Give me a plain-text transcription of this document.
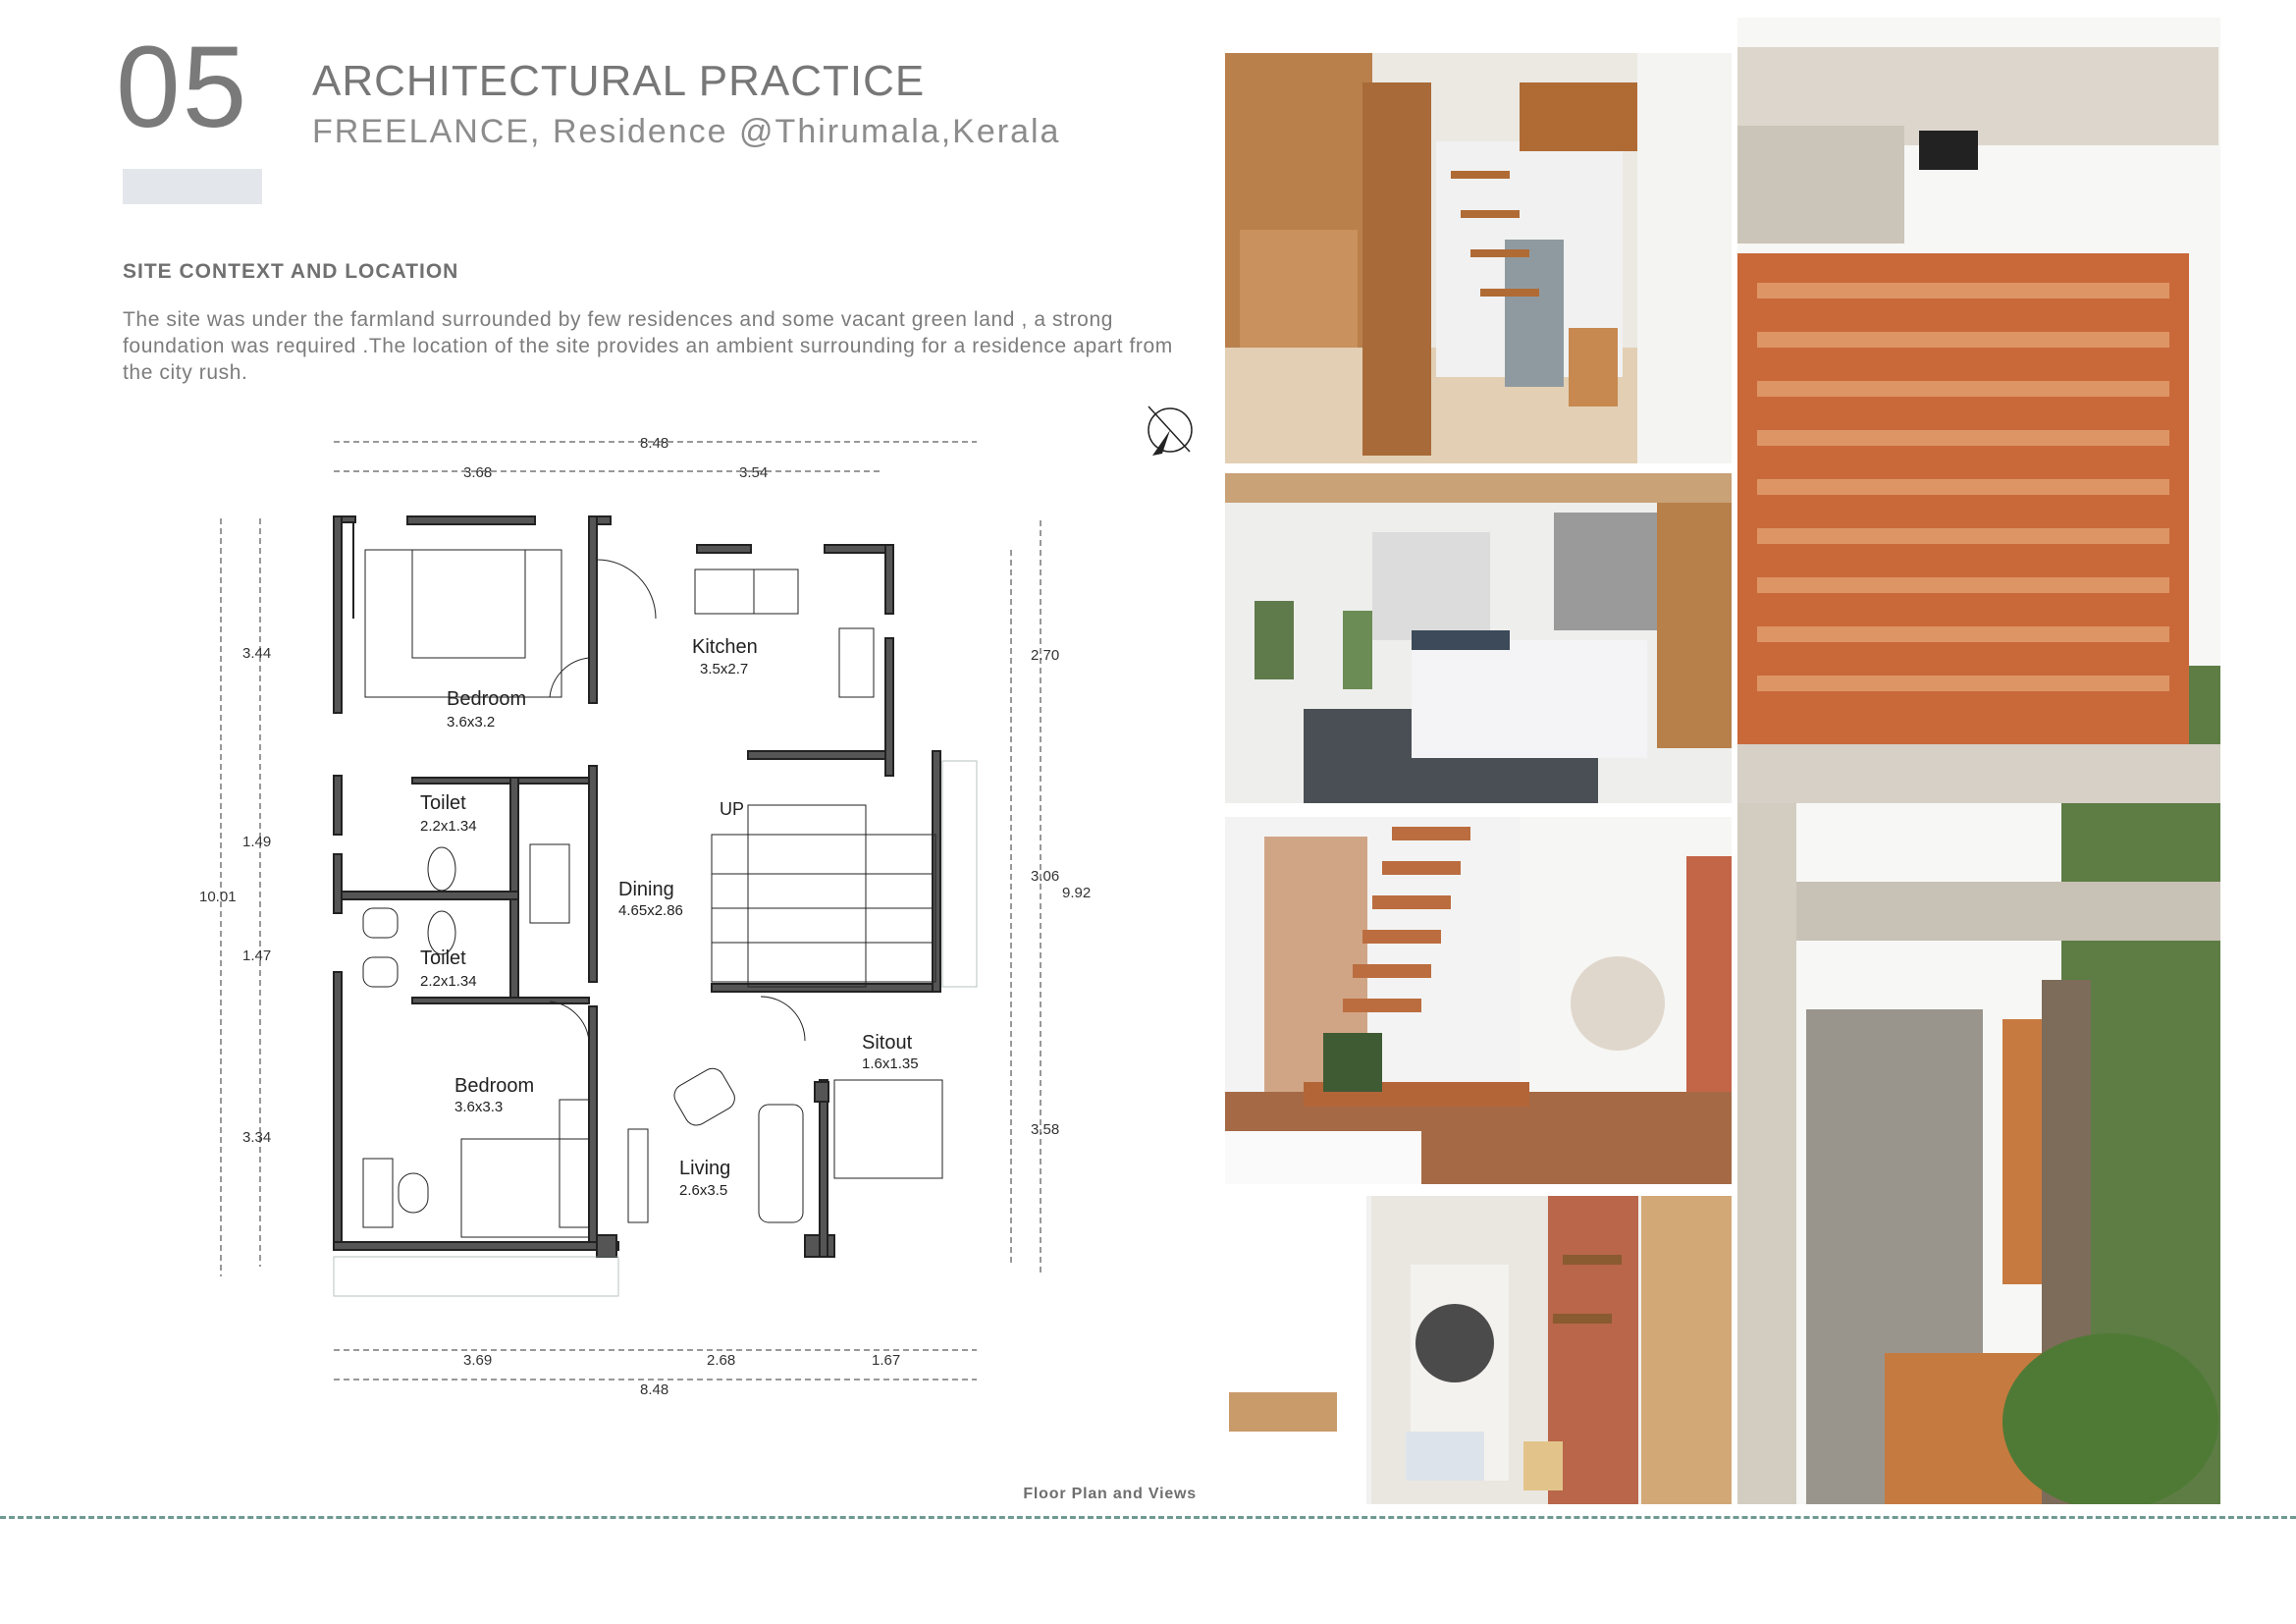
05 ARCHITECTURAL PRACTICE
FREELANCE, Residence @Thirumala,Kerala
SITE CONTEXT AND LOCATION
The site was under the farmland surrounded by few residences and some vacant green land , a strong foundation was required .The location of the site provides an ambient surrounding for a residence apart from the city rush.
Bedroom
3.6x3.2
Kitchen
3.5x2.7
Toilet
2.2x1.34
Dining
4.65x2.86
Toilet
2.2x1.34
Sitout
1.6x1.35
Bedroom
3.6x3.3
Living
2.6x3.5
UP
8.48
3.68	3.54
3.69	2.68	1.67
8.48
3.44
1.49
10.01
1.47
3.34
2.70
3.06
9.92
3.58
Floor Plan and Views
